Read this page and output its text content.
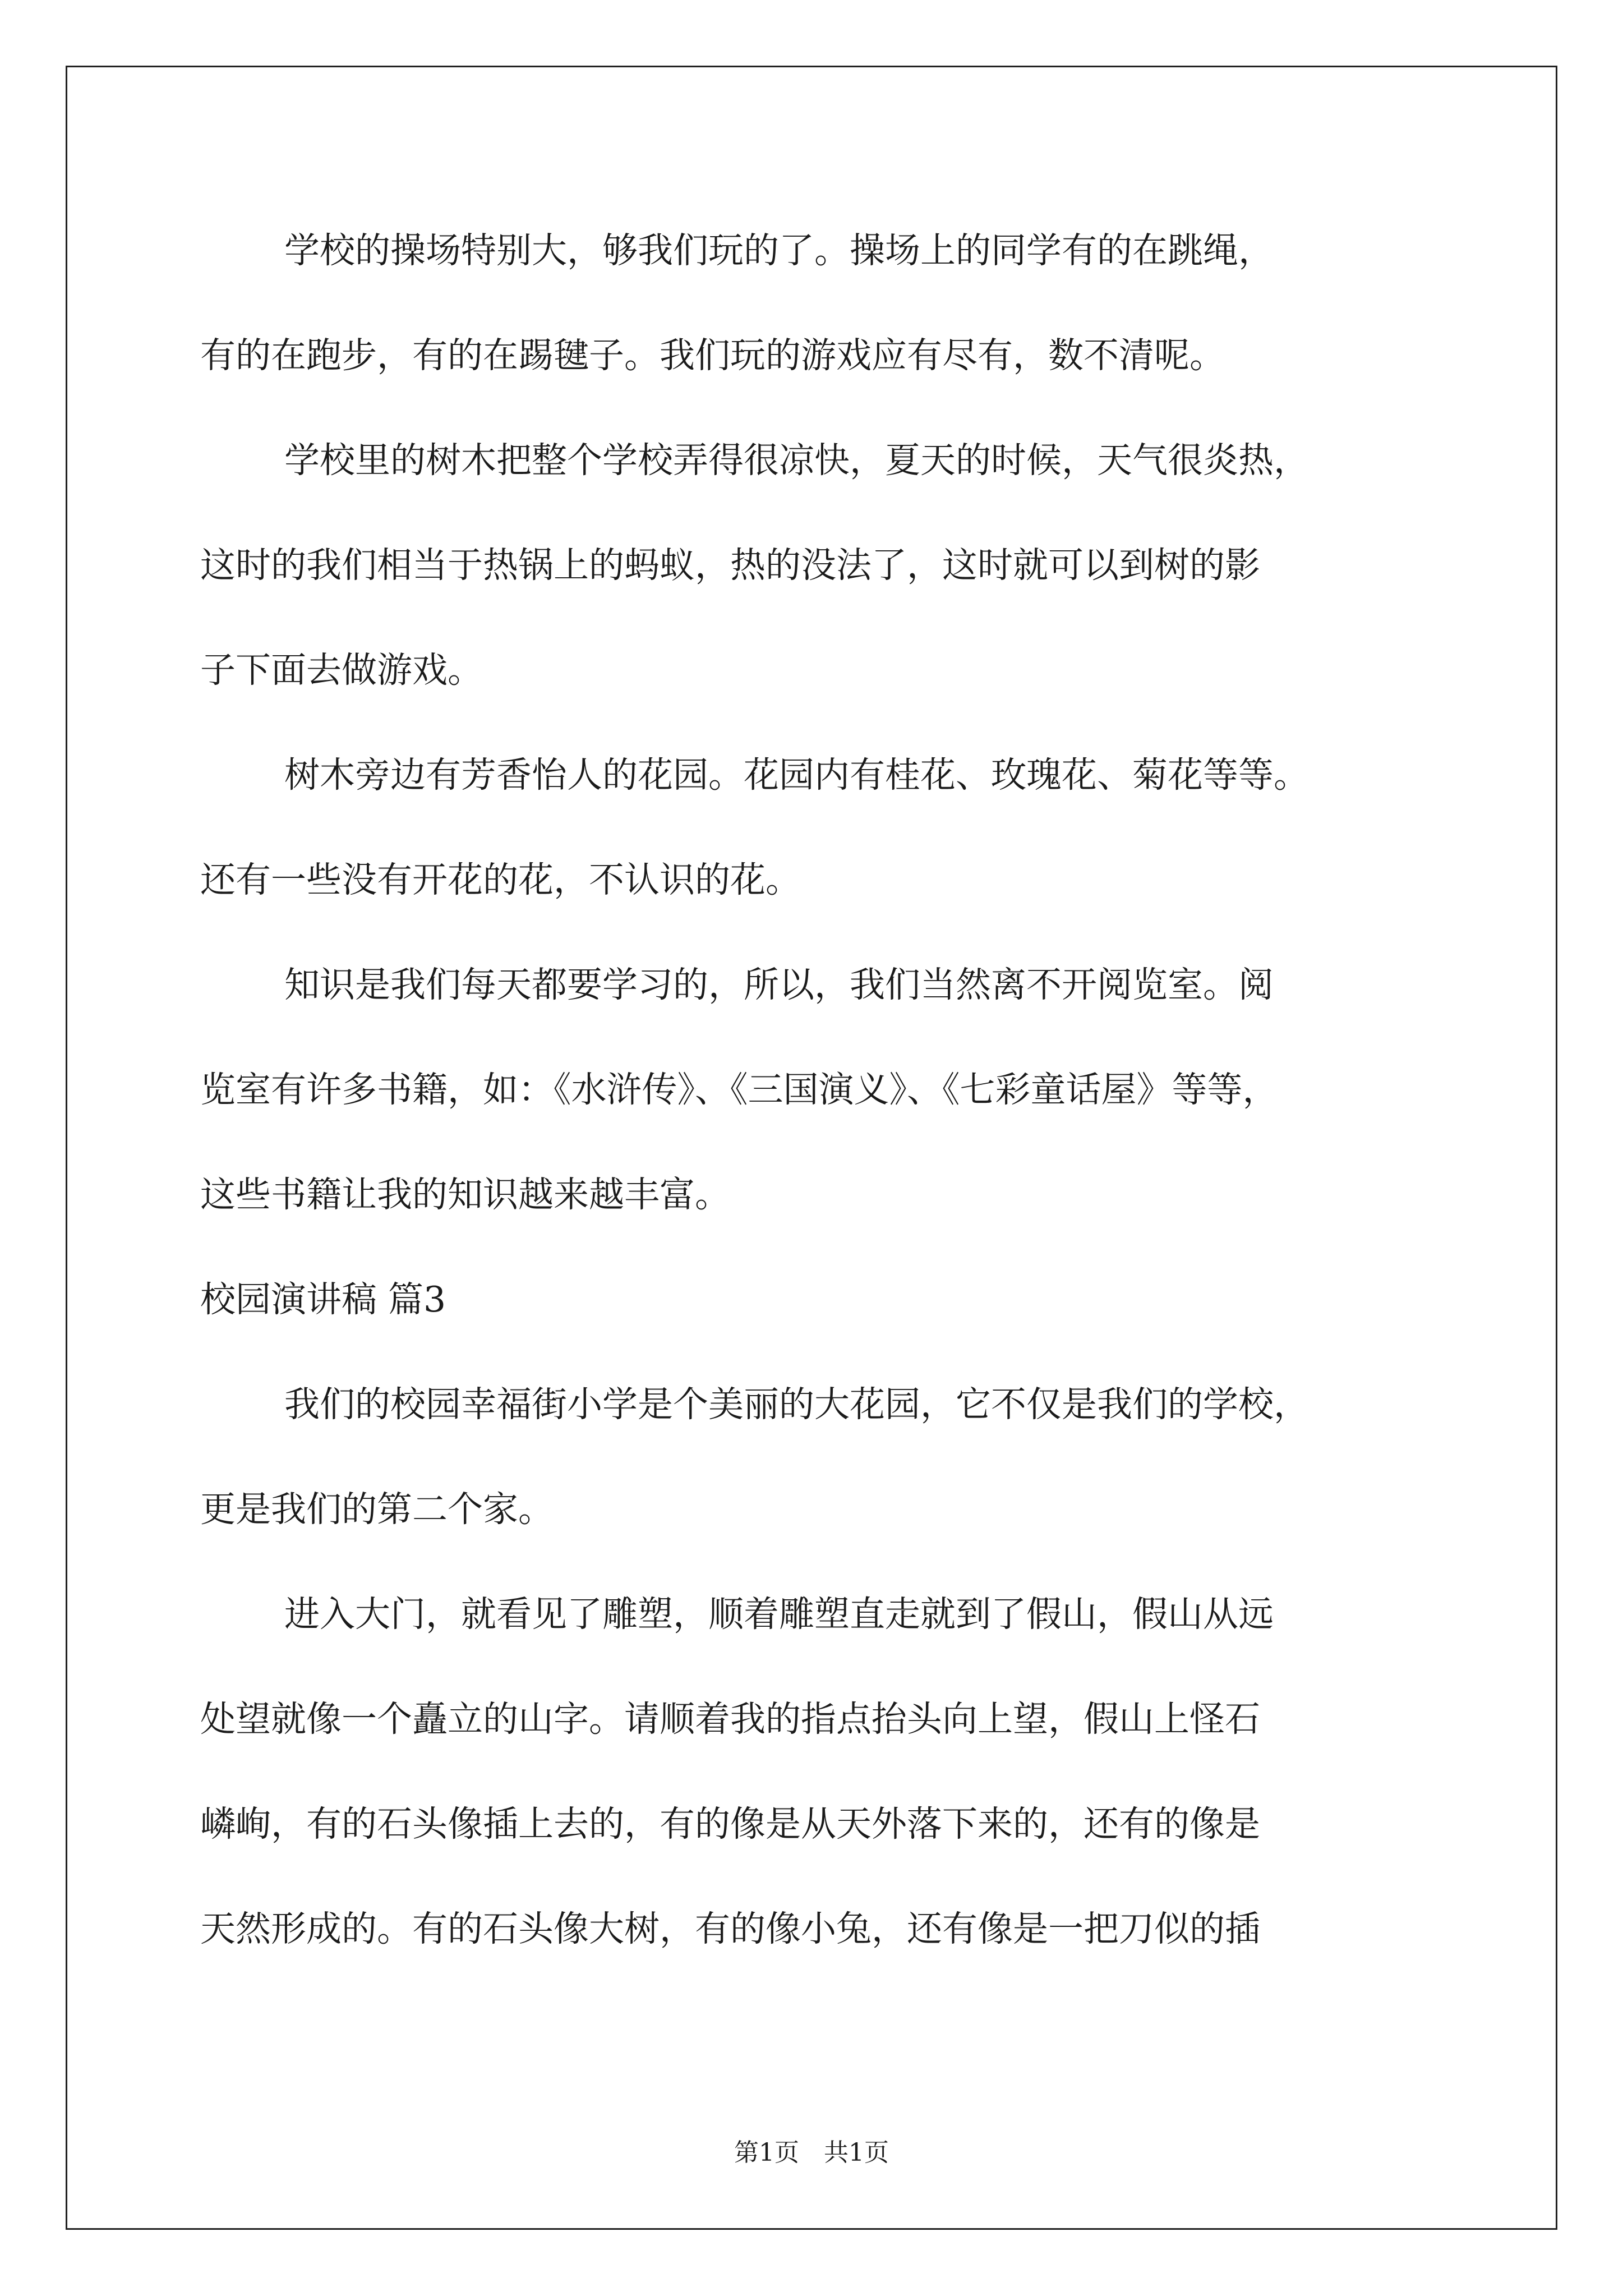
学校的操场特别大，够我们玩的了。操场上的同学有的在跳绳，
有的在跑步，有的在踢毽子。我们玩的游戏应有尽有，数不清呢。
学校里的树木把整个学校弄得很凉快，夏天的时候，天气很炎热，
这时的我们相当于热锅上的蚂蚁，热的没法了，这时就可以到树的影
子下面去做游戏。
树木旁边有芳香怡人的花园。花园内有桂花、玫瑰花、菊花等等。
还有一些没有开花的花，不认识的花。
知识是我们每天都要学习的，所以，我们当然离不开阅览室。阅
览室有许多书籍，如：《水浒传》、《三国演义》、《七彩童话屋》等等，
这些书籍让我的知识越来越丰富。
校园演讲稿 篇3
我们的校园幸福街小学是个美丽的大花园，它不仅是我们的学校，
更是我们的第二个家。
进入大门，就看见了雕塑，顺着雕塑直走就到了假山，假山从远
处望就像一个矗立的山字。请顺着我的指点抬头向上望，假山上怪石
嶙峋，有的石头像插上去的，有的像是从天外落下来的，还有的像是
天然形成的。有的石头像大树，有的像小兔，还有像是一把刀似的插
第1页　共1页
